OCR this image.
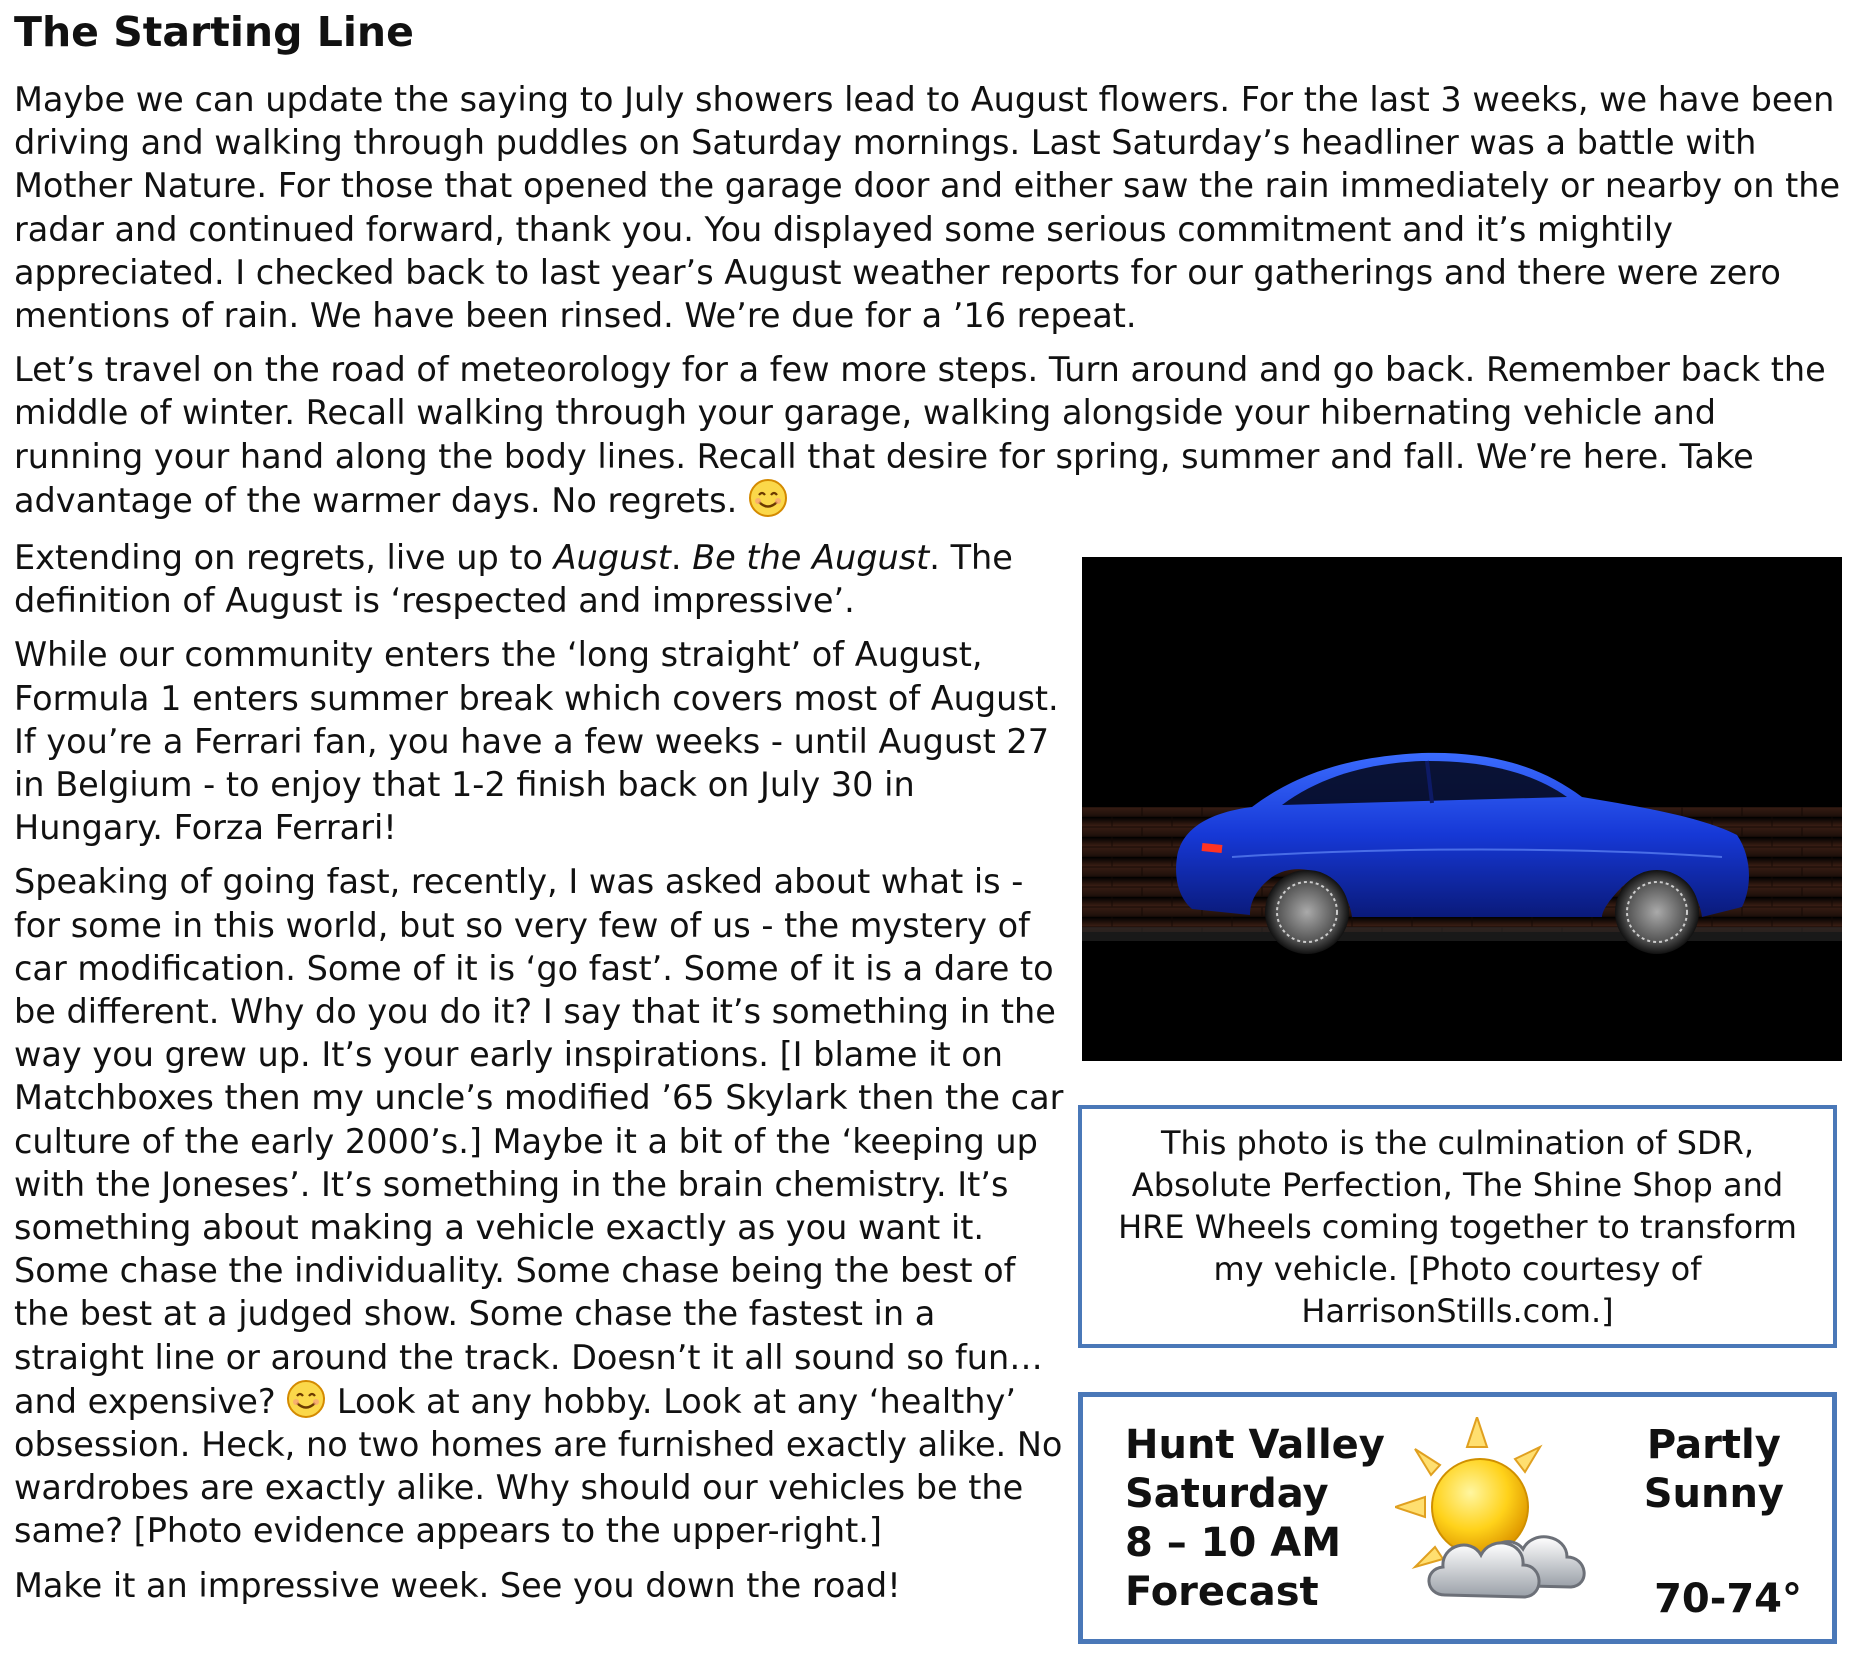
The Starting Line

Maybe we can update the saying to July showers lead to August flowers. For the last 3 weeks, we have been driving and walking through puddles on Saturday mornings. Last Saturday’s headliner was a battle with Mother Nature. For those that opened the garage door and either saw the rain immediately or nearby on the radar and continued forward, thank you. You displayed some serious commitment and it’s mightily appreciated. I checked back to last year’s August weather reports for our gatherings and there were zero mentions of rain. We have been rinsed. We’re due for a ’16 repeat.

Let’s travel on the road of meteorology for a few more steps. Turn around and go back. Remember back the middle of winter. Recall walking through your garage, walking alongside your hibernating vehicle and running your hand along the body lines. Recall that desire for spring, summer and fall. We’re here. Take advantage of the warmer days. No regrets.

Extending on regrets, live up to August. Be the August. The definition of August is ‘respected and impressive’.

While our community enters the ‘long straight’ of August, Formula 1 enters summer break which covers most of August. If you’re a Ferrari fan, you have a few weeks - until August 27 in Belgium - to enjoy that 1-2 finish back on July 30 in Hungary. Forza Ferrari!

Speaking of going fast, recently, I was asked about what is - for some in this world, but so very few of us - the mystery of car modification. Some of it is ‘go fast’. Some of it is a dare to be different. Why do you do it? I say that it’s something in the way you grew up. It’s your early inspirations. [I blame it on Matchboxes then my uncle’s modified ’65 Skylark then the car culture of the early 2000’s.] Maybe it a bit of the ‘keeping up with the Joneses’. It’s something in the brain chemistry. It’s something about making a vehicle exactly as you want it. Some chase the individuality. Some chase being the best of the best at a judged show. Some chase the fastest in a straight line or around the track. Doesn’t it all sound so fun…and expensive?  Look at any hobby. Look at any ‘healthy’ obsession. Heck, no two homes are furnished exactly alike. No wardrobes are exactly alike. Why should our vehicles be the same? [Photo evidence appears to the upper-right.]

Make it an impressive week. See you down the road!

This photo is the culmination of SDR, Absolute Perfection, The Shine Shop and HRE Wheels coming together to transform my vehicle. [Photo courtesy of HarrisonStills.com.]

Hunt Valley
Saturday
8 – 10 AM
Forecast
Partly
Sunny
70-74°
